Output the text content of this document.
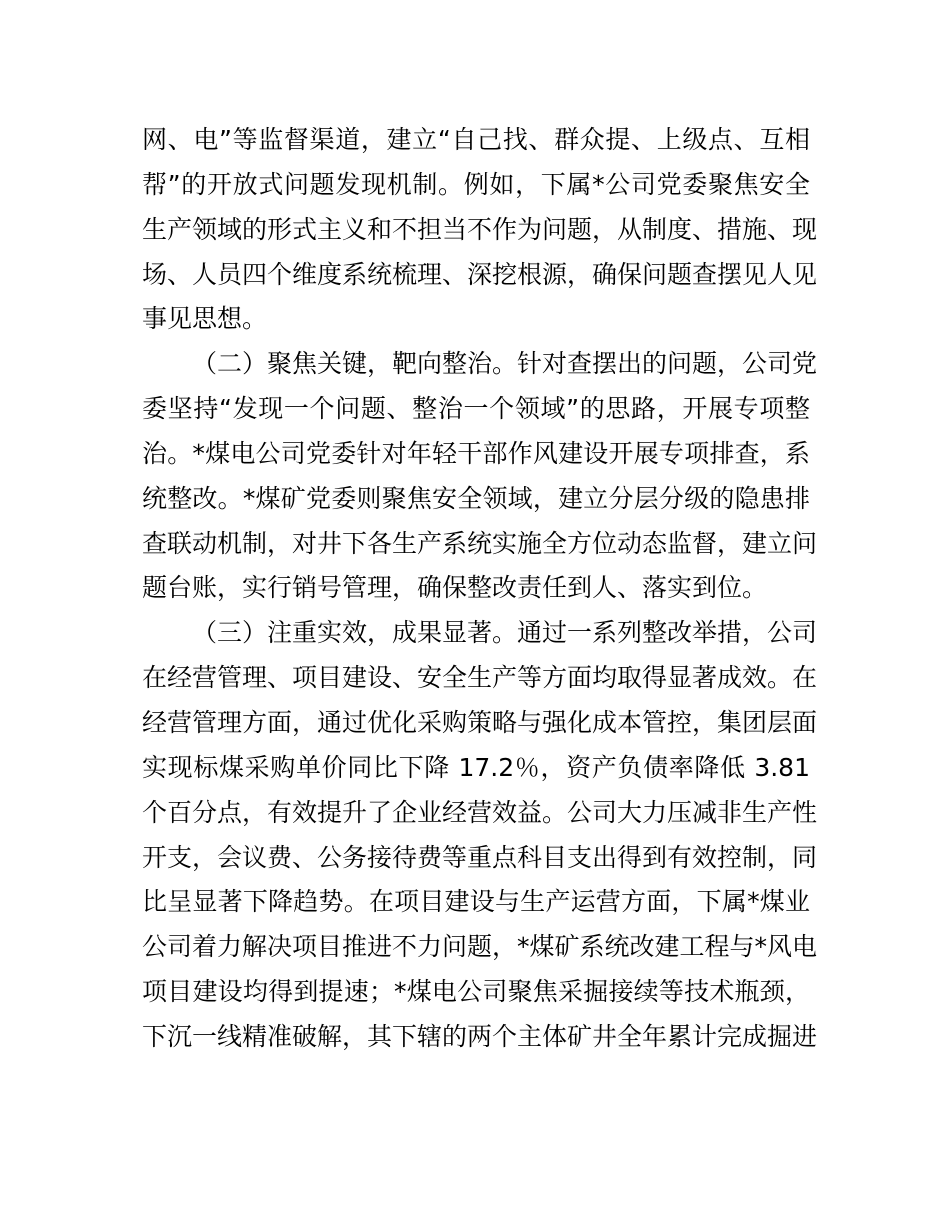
网、电”等监督渠道，建立“自己找、群众提、上级点、互相
帮”的开放式问题发现机制。例如，下属*公司党委聚焦安全
生产领域的形式主义和不担当不作为问题，从制度、措施、现
场、人员四个维度系统梳理、深挖根源，确保问题查摆见人见
事见思想。
（二）聚焦关键，靶向整治。针对查摆出的问题，公司党
委坚持“发现一个问题、整治一个领域”的思路，开展专项整
治。*煤电公司党委针对年轻干部作风建设开展专项排查，系
统整改。*煤矿党委则聚焦安全领域，建立分层分级的隐患排
查联动机制，对井下各生产系统实施全方位动态监督，建立问
题台账，实行销号管理，确保整改责任到人、落实到位。
（三）注重实效，成果显著。通过一系列整改举措，公司
在经营管理、项目建设、安全生产等方面均取得显著成效。在
经营管理方面，通过优化采购策略与强化成本管控，集团层面
实现标煤采购单价同比下降 17.2％，资产负债率降低 3.81
个百分点，有效提升了企业经营效益。公司大力压减非生产性
开支，会议费、公务接待费等重点科目支出得到有效控制，同
比呈显著下降趋势。在项目建设与生产运营方面，下属*煤业
公司着力解决项目推进不力问题，*煤矿系统改建工程与*风电
项目建设均得到提速；*煤电公司聚焦采掘接续等技术瓶颈，
下沉一线精准破解，其下辖的两个主体矿井全年累计完成掘进
